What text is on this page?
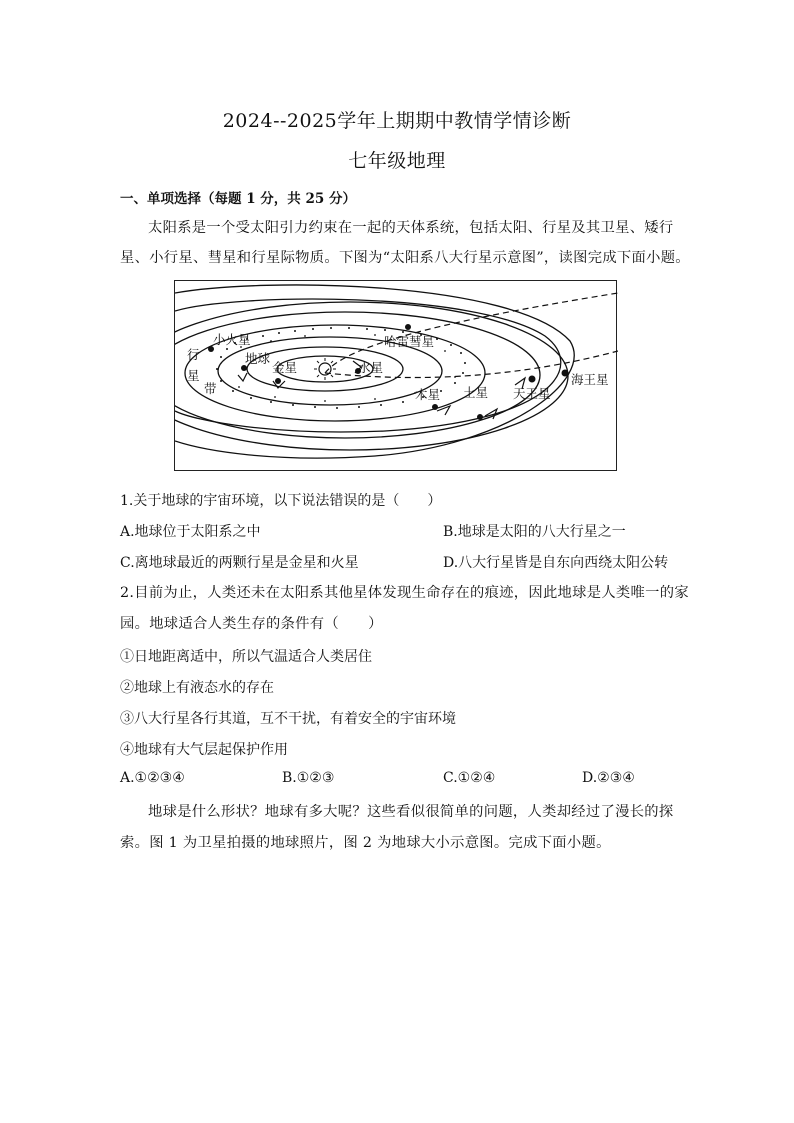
2024--2025学年上期期中教情学情诊断
七年级地理
一、单项选择（每题 1 分，共 25 分）
太阳系是一个受太阳引力约束在一起的天体系统，包括太阳、行星及其卫星、矮行
星、小行星、彗星和行星际物质。下图为“太阳系八大行星示意图”，读图完成下面小题。
行
星
带
小火星
地球
金星	水星
哈雷彗星
木星 土星 天王星
海王星
1.关于地球的宇宙环境，以下说法错误的是（　　）
A.地球位于太阳系之中	B.地球是太阳的八大行星之一
C.离地球最近的两颗行星是金星和火星	D.八大行星皆是自东向西绕太阳公转
2.目前为止，人类还未在太阳系其他星体发现生命存在的痕迹，因此地球是人类唯一的家
园。地球适合人类生存的条件有（　　）
①日地距离适中，所以气温适合人类居住
②地球上有液态水的存在
③八大行星各行其道，互不干扰，有着安全的宇宙环境
④地球有大气层起保护作用
A.①②③④	B.①②③	C.①②④	D.②③④
地球是什么形状？地球有多大呢？这些看似很简单的问题，人类却经过了漫长的探
索。图 1 为卫星拍摄的地球照片，图 2 为地球大小示意图。完成下面小题。
